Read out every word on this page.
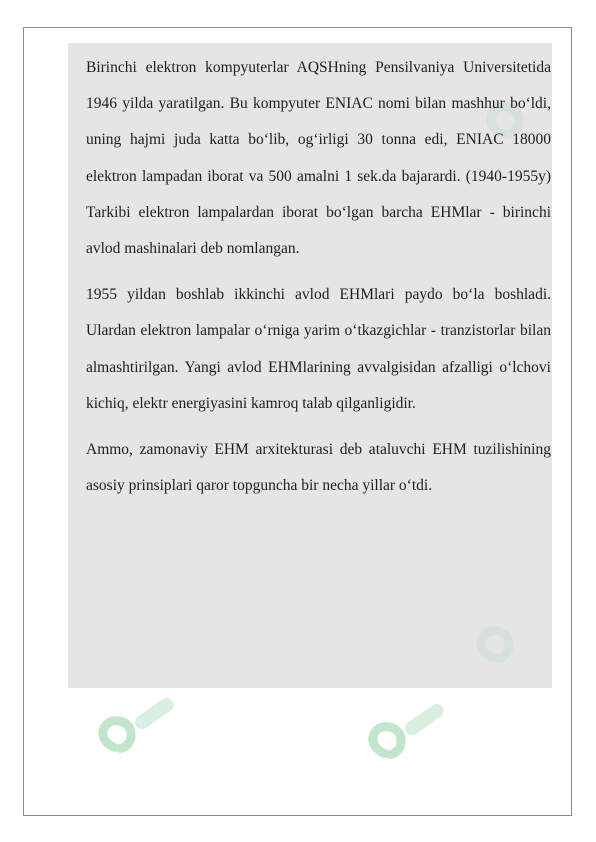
Birinchi elektron kompyuterlar AQSHning Pensilvaniya Universitetida 1946 yilda yaratilgan. Bu kompyuter ENIAC nomi bilan mashhur bo‘ldi, uning hajmi juda katta bo‘lib, og‘irligi 30 tonna edi, ENIAC 18000 elektron lampadan iborat va 500 amalni 1 sek.da bajarardi. (1940-1955y) Tarkibi elektron lampalardan iborat bo‘lgan barcha EHMlar - birinchi avlod mashinalari deb nomlangan.

1955 yildan boshlab ikkinchi avlod EHMlari paydo bo‘la boshladi. Ulardan elektron lampalar o‘rniga yarim o‘tkazgichlar - tranzistorlar bilan almashtirilgan. Yangi avlod EHMlarining avvalgisidan afzalligi o‘lchovi kichiq, elektr energiyasini kamroq talab qilganligidir.

Ammo, zamonaviy EHM arxitekturasi deb ataluvchi EHM tuzilishining asosiy prinsiplari qaror topguncha bir necha yillar o‘tdi.
